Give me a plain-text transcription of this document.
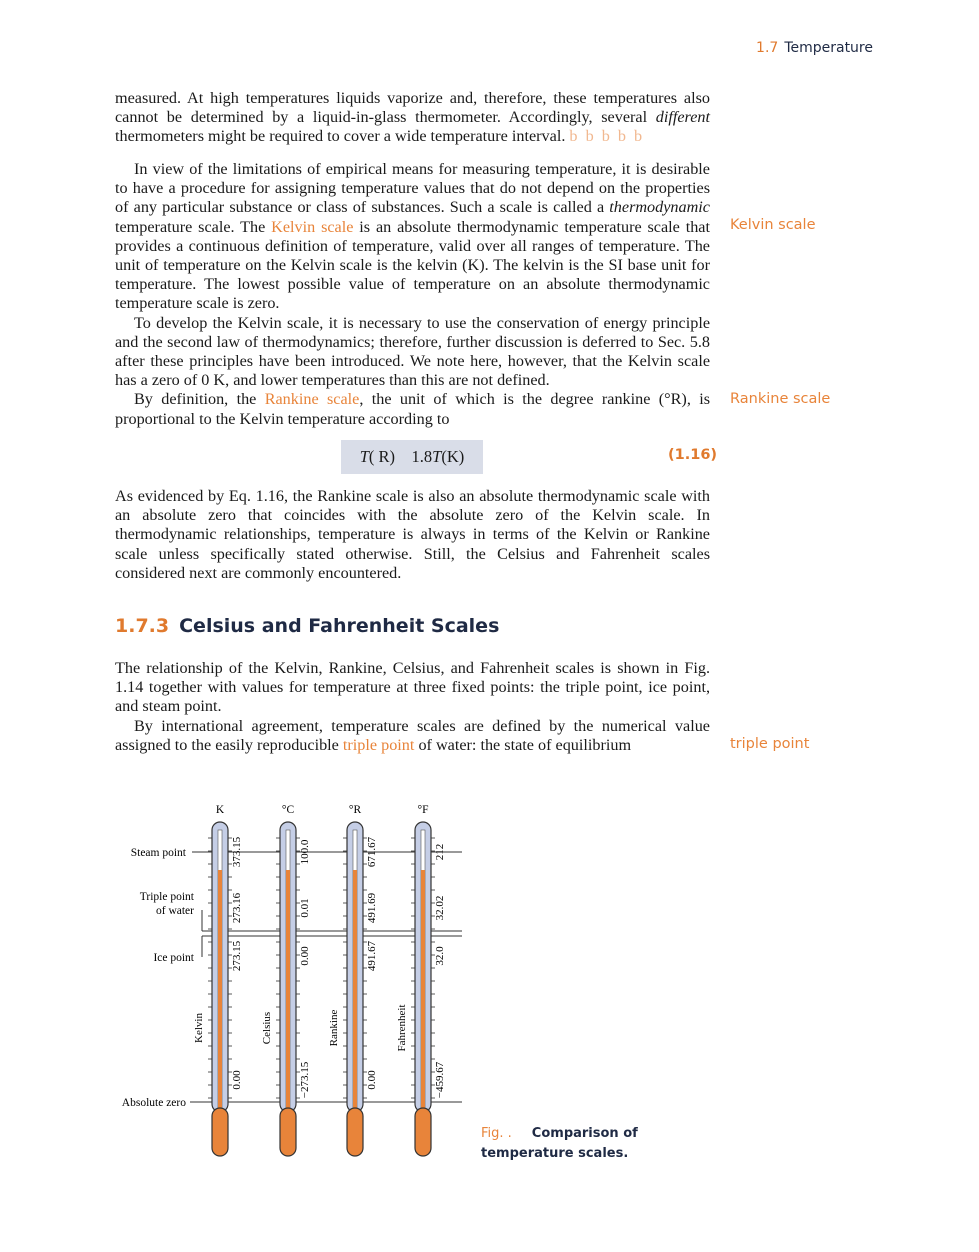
1.7 Temperature

measured. At high temperatures liquids vaporize and, therefore, these temperatures also cannot be determined by a liquid-in-glass thermometer. Accordingly, several different thermometers might be required to cover a wide temperature interval. b b b b b

In view of the limitations of empirical means for measuring temperature, it is desirable to have a procedure for assigning temperature values that do not depend on the properties of any particular substance or class of substances. Such a scale is called a thermodynamic temperature scale. The Kelvin scale is an absolute thermodynamic temperature scale that provides a continuous definition of temperature, valid over all ranges of temperature. The unit of temperature on the Kelvin scale is the kelvin (K). The kelvin is the SI base unit for temperature. The lowest possible value of temperature on an absolute thermodynamic temperature scale is zero.

To develop the Kelvin scale, it is necessary to use the conservation of energy principle and the second law of thermodynamics; therefore, further discussion is deferred to Sec. 5.8 after these principles have been introduced. We note here, however, that the Kelvin scale has a zero of 0 K, and lower temperatures than this are not defined.

By definition, the Rankine scale, the unit of which is the degree rankine (°R), is proportional to the Kelvin temperature according to

Kelvin scale
Rankine scale
T( R) 1.8T(K)	(1.16)

As evidenced by Eq. 1.16, the Rankine scale is also an absolute thermodynamic scale with an absolute zero that coincides with the absolute zero of the Kelvin scale. In thermodynamic relationships, temperature is always in terms of the Kelvin or Rankine scale unless specifically stated otherwise. Still, the Celsius and Fahrenheit scales considered next are commonly encountered.

1.7.3 Celsius and Fahrenheit Scales

The relationship of the Kelvin, Rankine, Celsius, and Fahrenheit scales is shown in Fig. 1.14 together with values for temperature at three fixed points: the triple point, ice point, and steam point.

By international agreement, temperature scales are defined by the numerical value assigned to the easily reproducible triple point of water: the state of equilibrium	triple point
K
373.15
273.16
273.15
0.00
Kelvin
°C
100.0
0.01
0.00
−273.15
Celsius
°R
671.67
491.69
491.67
0.00
Rankine
°F
212
32.02
32.0
−459.67
Fahrenheit
Steam point
Triple point
of water
Ice point
Absolute zero
Fig. . Comparison of
temperature scales.
